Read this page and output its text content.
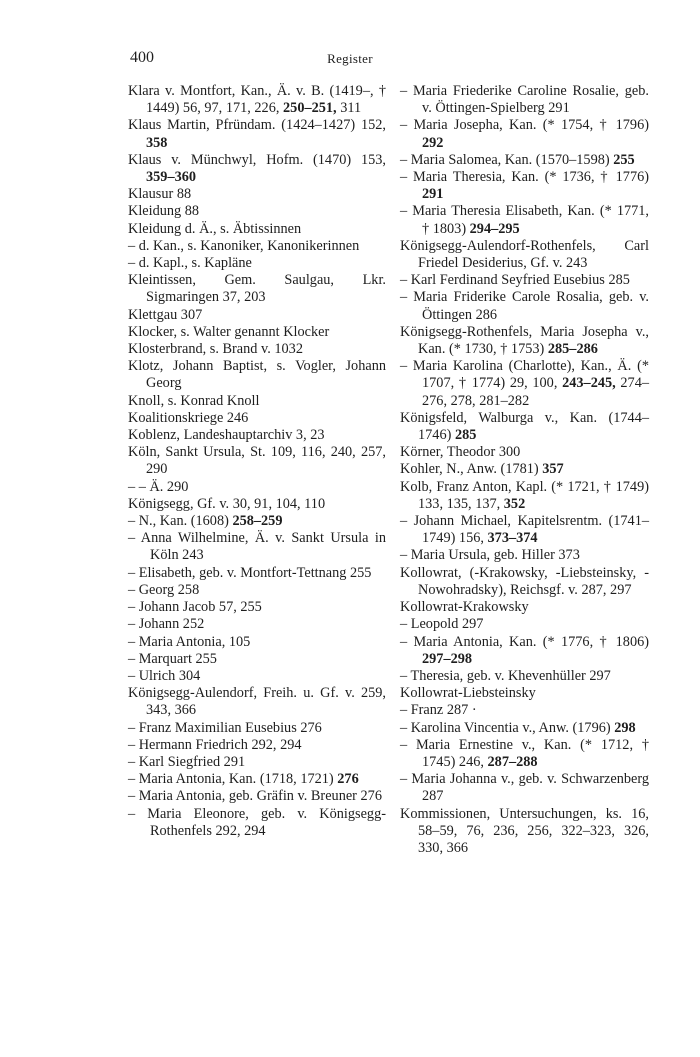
400	Register

Klara v. Montfort, Kan., Ä. v. B. (1419–, † 1449) 56, 97, 171, 226, 250–251, 311

Klaus Martin, Pfründam. (1424–1427) 152, 358

Klaus v. Münchwyl, Hofm. (1470) 153, 359–360

Klausur 88

Kleidung 88

Kleidung d. Ä., s. Äbtissinnen

– d. Kan., s. Kanoniker, Kanonikerinnen

– d. Kapl., s. Kapläne

Kleintissen, Gem. Saulgau, Lkr. Sigmaringen 37, 203

Klettgau 307

Klocker, s. Walter genannt Klocker

Klosterbrand, s. Brand v. 1032

Klotz, Johann Baptist, s. Vogler, Johann Georg

Knoll, s. Konrad Knoll

Koalitionskriege 246

Koblenz, Landeshauptarchiv 3, 23

Köln, Sankt Ursula, St. 109, 116, 240, 257, 290

– – Ä. 290

Königsegg, Gf. v. 30, 91, 104, 110

– N., Kan. (1608) 258–259

– Anna Wilhelmine, Ä. v. Sankt Ursula in Köln 243

– Elisabeth, geb. v. Montfort-Tettnang 255

– Georg 258

– Johann Jacob 57, 255

– Johann 252

– Maria Antonia, 105

– Marquart 255

– Ulrich 304

Königsegg-Aulendorf, Freih. u. Gf. v. 259, 343, 366

– Franz Maximilian Eusebius 276

– Hermann Friedrich 292, 294

– Karl Siegfried 291

– Maria Antonia, Kan. (1718, 1721) 276

– Maria Antonia, geb. Gräfin v. Breuner 276

– Maria Eleonore, geb. v. Königsegg-Rothenfels 292, 294

– Maria Friederike Caroline Rosalie, geb. v. Öttingen-Spielberg 291

– Maria Josepha, Kan. (* 1754, † 1796) 292

– Maria Salomea, Kan. (1570–1598) 255

– Maria Theresia, Kan. (* 1736, † 1776) 291

– Maria Theresia Elisabeth, Kan. (* 1771, † 1803) 294–295

Königsegg-Aulendorf-Rothenfels, Carl Friedel Desiderius, Gf. v. 243

– Karl Ferdinand Seyfried Eusebius 285

– Maria Friderike Carole Rosalia, geb. v. Öttingen 286

Königsegg-Rothenfels, Maria Josepha v., Kan. (* 1730, † 1753) 285–286

– Maria Karolina (Charlotte), Kan., Ä. (* 1707, † 1774) 29, 100, 243–245, 274–276, 278, 281–282

Königsfeld, Walburga v., Kan. (1744–1746) 285

Körner, Theodor 300

Kohler, N., Anw. (1781) 357

Kolb, Franz Anton, Kapl. (* 1721, † 1749) 133, 135, 137, 352

– Johann Michael, Kapitelsrentm. (1741–1749) 156, 373–374

– Maria Ursula, geb. Hiller 373

Kollowrat, (-Krakowsky, -Liebsteinsky, -Nowohradsky), Reichsgf. v. 287, 297

Kollowrat-Krakowsky

– Leopold 297

– Maria Antonia, Kan. (* 1776, † 1806) 297–298

– Theresia, geb. v. Khevenhüller 297

Kollowrat-Liebsteinsky

– Franz 287 ·

– Karolina Vincentia v., Anw. (1796) 298

– Maria Ernestine v., Kan. (* 1712, † 1745) 246, 287–288

– Maria Johanna v., geb. v. Schwarzenberg 287

Kommissionen, Untersuchungen, ks. 16, 58–59, 76, 236, 256, 322–323, 326, 330, 366
